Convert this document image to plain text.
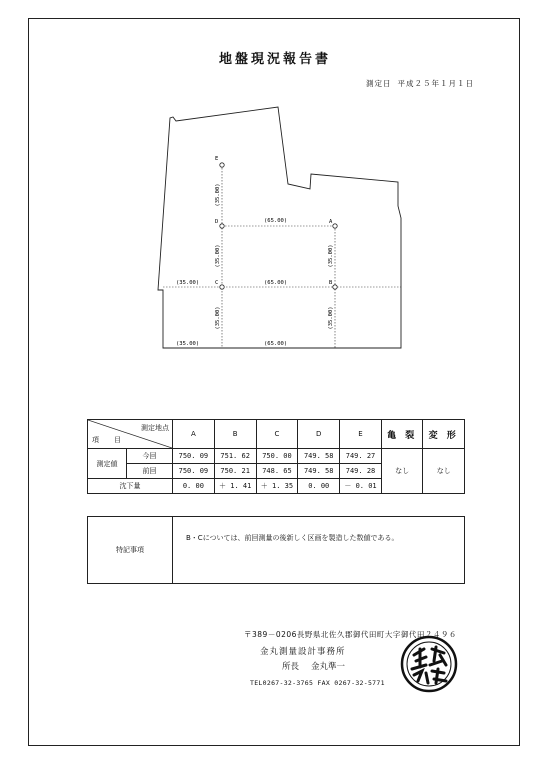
地盤現況報告書
測定日 平成２５年１月１日
E
D
C
A
B
(65.00)
(65.00)
(35.00)
(35.00)	(65.00)
(35.00)
(35.00)
(35.00)
(35.00)
(35.00)
測定地点
項　目		A	B	C	D	E	亀 裂	変 形
測定値	今回	750. 09	751. 62	750. 00	749. 58	749. 27	なし	なし
	前回	750. 09	750. 21	748. 65	749. 58	749. 28		
沈下量		0. 00	＋ 1. 41	＋ 1. 35	0. 00	－ 0. 01		
特記事項
B・Cについては、前回測量の後新しく区画を製造した数値である。
〒389－0206長野県北佐久郡御代田町大字御代田２４９６
金丸測量設計事務所
所長 金丸準一
TEL0267-32-3765 FAX 0267-32-5771
